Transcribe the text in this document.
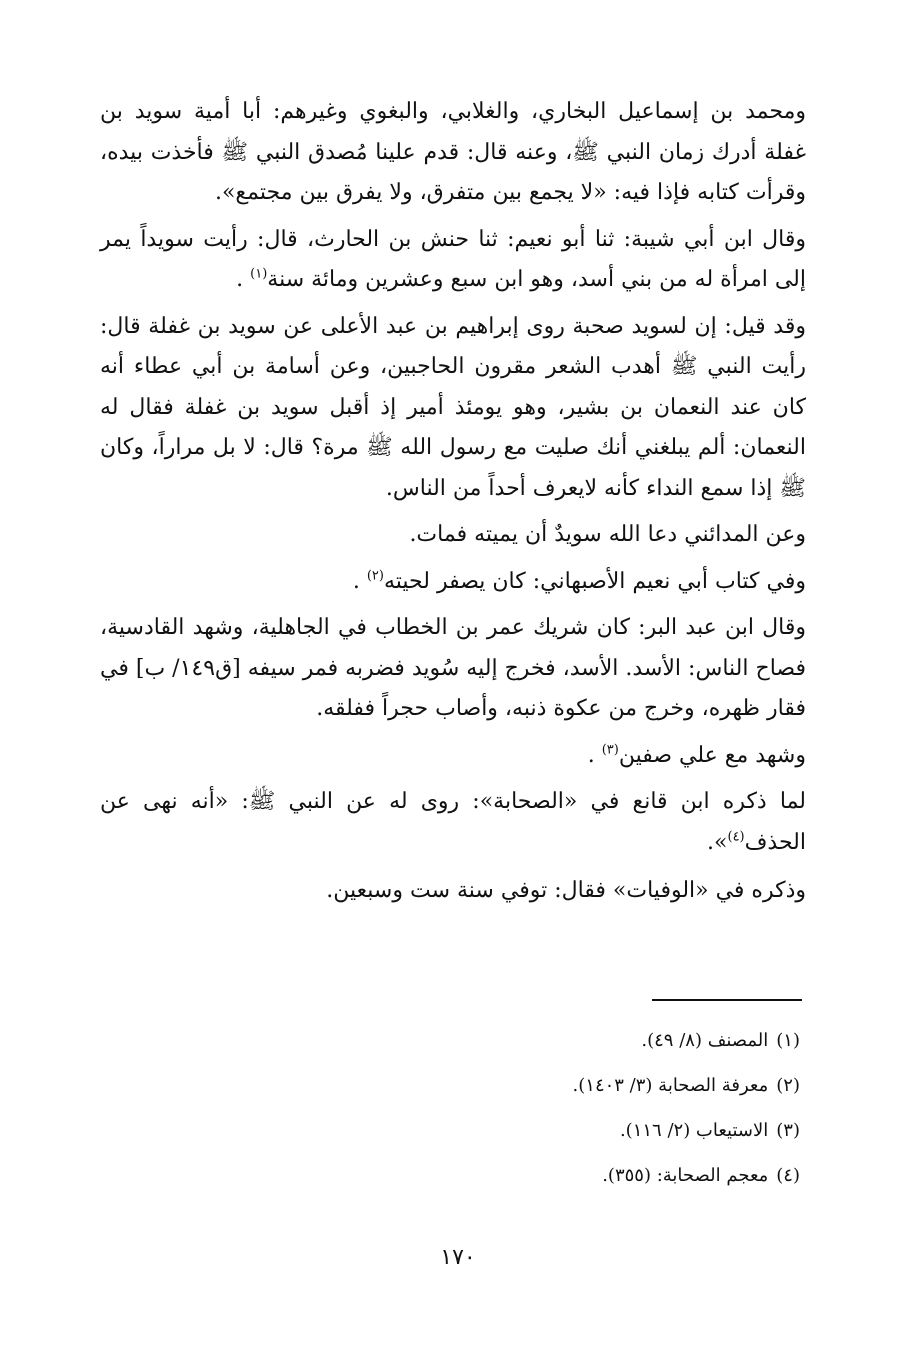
ومحمد بن إسماعيل البخاري، والغلابي، والبغوي وغيرهم: أبا أمية سويد بن غفلة أدرك زمان النبي ﷺ، وعنه قال: قدم علينا مُصدق النبي ﷺ فأخذت بيده، وقرأت كتابه فإذا فيه: «لا يجمع بين متفرق، ولا يفرق بين مجتمع».

وقال ابن أبي شيبة: ثنا أبو نعيم: ثنا حنش بن الحارث، قال: رأيت سويداً يمر إلى امرأة له من بني أسد، وهو ابن سبع وعشرين ومائة سنة$^{(١)}$ .

وقد قيل: إن لسويد صحبة روى إبراهيم بن عبد الأعلى عن سويد بن غفلة قال: رأيت النبي ﷺ أهدب الشعر مقرون الحاجبين، وعن أسامة بن أبي عطاء أنه كان عند النعمان بن بشير، وهو يومئذ أمير إذ أقبل سويد بن غفلة فقال له النعمان: ألم يبلغني أنك صليت مع رسول الله ﷺ مرة؟ قال: لا بل مراراً، وكان ﷺ إذا سمع النداء كأنه لايعرف أحداً من الناس.

وعن المدائني دعا الله سويدٌ أن يميته فمات.

وفي كتاب أبي نعيم الأصبهاني: كان يصفر لحيته$^{(٢)}$ .

وقال ابن عبد البر: كان شريك عمر بن الخطاب في الجاهلية، وشهد القادسية، فصاح الناس: الأسد. الأسد، فخرج إليه سُويد فضربه فمر سيفه [ق١٤٩/ ب] في فقار ظهره، وخرج من عكوة ذنبه، وأصاب حجراً ففلقه.

وشهد مع علي صفين$^{(٣)}$ .

لما ذكره ابن قانع في «الصحابة»: روى له عن النبي ﷺ: «أنه نهى عن الحذف$^{(٤)}$».

وذكره في «الوفيات» فقال: توفي سنة ست وسبعين.

(١)المصنف (٨/ ٤٩).

(٢)معرفة الصحابة (٣/ ١٤٠٣).

(٣)الاستيعاب (٢/ ١١٦).

(٤)معجم الصحابة: (٣٥٥).

١٧٠
